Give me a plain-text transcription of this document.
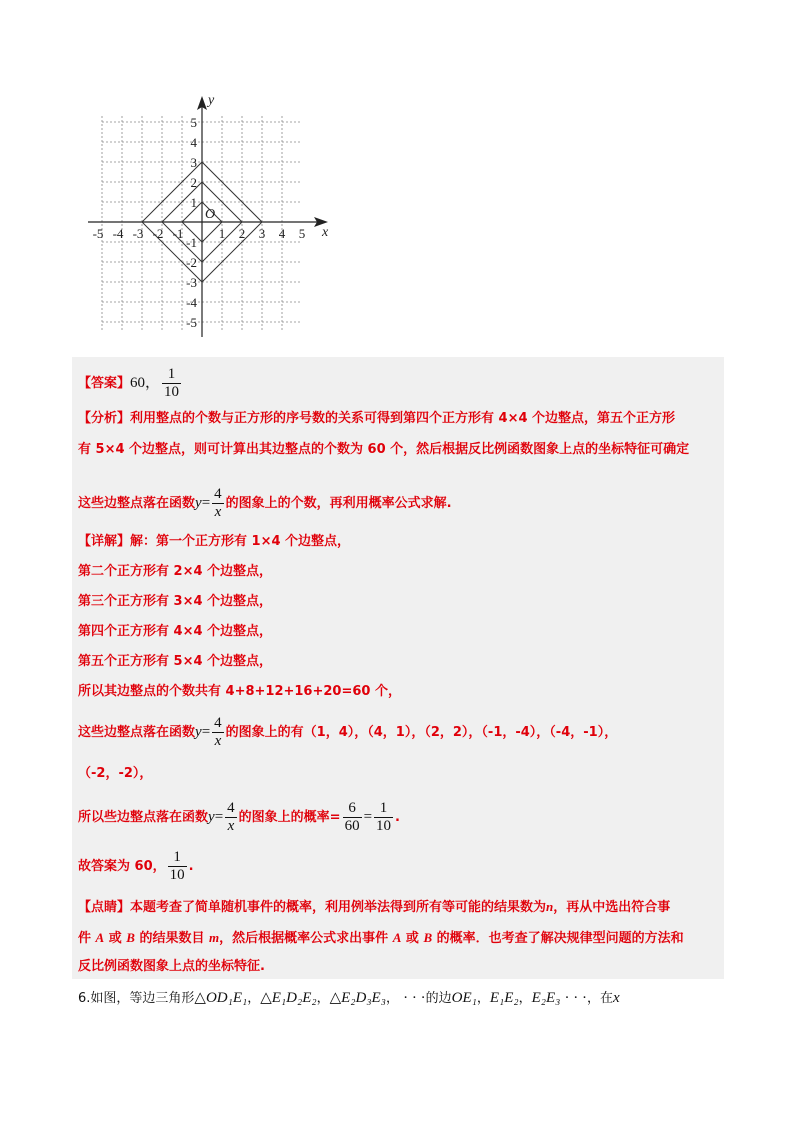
-5 -4 -3 -2 -1	1 2 3 4 5
5
4
3
2
1
-1
-2
-3
-4
-5
O
x
y
【答案】60， $\frac{1}{10}$
【分析】利用整点的个数与正方形的序号数的关系可得到第四个正方形有 4×4 个边整点，第五个正方形
有 5×4 个边整点，则可计算出其边整点的个数为 60 个，然后根据反比例函数图象上点的坐标特征可确定
这些边整点落在函数$y= \frac{4}{x}$ 的图象上的个数，再利用概率公式求解.
【详解】解：第一个正方形有 1×4 个边整点，
第二个正方形有 2×4 个边整点，
第三个正方形有 3×4 个边整点，
第四个正方形有 4×4 个边整点，
第五个正方形有 5×4 个边整点，
所以其边整点的个数共有 4+8+12+16+20=60 个，
这些边整点落在函数$y= \frac{4}{x}$ 的图象上的有（1，4），（4，1），（2，2），（-1，-4），（-4，-1），
（-2，-2），
所以些边整点落在函数$y= \frac{4}{x}$ 的图象上的概率= $\frac{6}{60} = \frac{1}{10}$ .
故答案为 60， $\frac{1}{10}$ .
【点睛】本题考查了简单随机事件的概率，利用例举法得到所有等可能的结果数为n，再从中选出符合事
件 A 或 B 的结果数目 m，然后根据概率公式求出事件 A 或 B 的概率．也考查了解决规律型问题的方法和
反比例函数图象上点的坐标特征.
6.如图，等边三角形△OD₁E₁，△E₁D₂E₂，△E₂D₃E₃， · · ·的边OE₁，E₁E₂，E₂E₃ · · ·，在x
